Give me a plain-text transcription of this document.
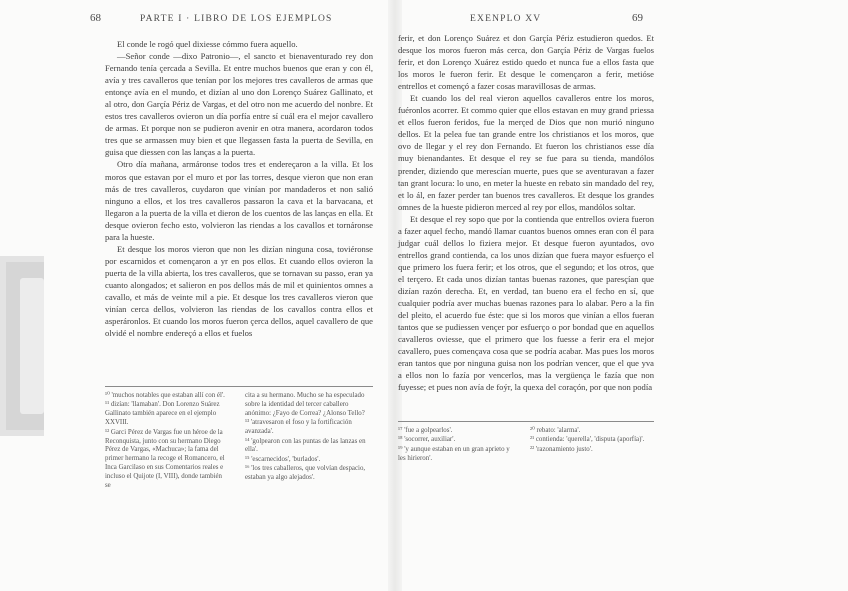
68	PARTE I · LIBRO DE LOS EJEMPLOS

El conde le rogó quel dixiesse cómmo fuera aquello.

—Señor conde —dixo Patronio—, el sancto et bienaventurado rey don Fernando tenía çercada a Sevilla. Et entre muchos buenos que eran y con él, avía y tres cavalleros que tenían por los mejores tres cavalleros de armas que entonçe avía en el mundo, et dizían al uno don Lorenço Suárez Gallinato, et al otro, don Garçía Périz de Vargas, et del otro non me acuerdo del nonbre. Et estos tres cavalleros ovieron un día porfía entre sí cuál era el mejor cavallero de armas. Et porque non se pudieron avenir en otra manera, acordaron todos tres que se armassen muy bien et que llegassen fasta la puerta de Sevilla, en guisa que diessen con las lanças a la puerta.

Otro día mañana, armáronse todos tres et endereçaron a la villa. Et los moros que estavan por el muro et por las torres, desque vieron que non eran más de tres cavalleros, cuydaron que vinían por mandaderos et non salió ninguno a ellos, et los tres cavalleros passaron la cava et la barvacana, et llegaron a la puerta de la villa et dieron de los cuentos de las lanças en ella. Et desque ovieron fecho esto, volvieron las riendas a los cavallos et tornáronse para la hueste.

Et desque los moros vieron que non les dizían ninguna cosa, toviéronse por escarnidos et començaron a yr en pos ellos. Et cuando ellos ovieron la puerta de la villa abierta, los tres cavalleros, que se tornavan su passo, eran ya cuanto alongados; et salieron en pos dellos más de mil et quinientos omnes a cavallo, et más de veinte mil a pie. Et desque los tres cavalleros vieron que vinían cerca dellos, volvieron las riendas de los cavallos contra ellos et asperáronlos. Et cuando los moros fueron çerca dellos, aquel cavallero de que olvidé el nombre endereçó a ellos et fuelos

¹⁰ 'muchos notables que estaban allí con él'.

¹¹ dizían: 'llamaban'. Don Lorenzo Suárez Gallinato también aparece en el ejemplo XXVIII.

¹² Garci Pérez de Vargas fue un héroe de la Reconquista, junto con su hermano Diego Pérez de Vargas, «Machuca»; la fama del primer hermano la recoge el Romancero, el Inca Garcilaso en sus Comentarios reales e incluso el Quijote (I, VIII), donde también se

cita a su hermano. Mucho se ha especulado sobre la identidad del tercer caballero anónimo: ¿Fayo de Correa? ¿Alonso Tello?

¹³ 'atravesaron el foso y la fortificación avanzada'.

¹⁴ 'golpearon con las puntas de las lanzas en ella'.

¹⁵ 'escarnecidos', 'burlados'.

¹⁶ 'los tres caballeros, que volvían despacio, estaban ya algo alejados'.

EXENPLO XV	69

ferir, et don Lorenço Suárez et don Garçía Périz estudieron quedos. Et desque los moros fueron más cerca, don Garçía Périz de Vargas fuelos ferir, et don Lorenço Xuárez estido quedo et nunca fue a ellos fasta que los moros le fueron ferir. Et desque le començaron a ferir, metióse entrellos et començó a fazer cosas maravillosas de armas.

Et cuando los del real vieron aquellos cavalleros entre los moros, fuéronlos acorrer. Et commo quier que ellos estavan en muy grand priessa et ellos fueron feridos, fue la merçed de Dios que non murió ninguno dellos. Et la pelea fue tan grande entre los christianos et los moros, que ovo de llegar y el rey don Fernando. Et fueron los christianos esse día muy bienandantes. Et desque el rey se fue para su tienda, mandólos prender, diziendo que merescían muerte, pues que se aventuravan a fazer tan grant locura: lo uno, en meter la hueste en rebato sin mandado del rey, et lo ál, en fazer perder tan buenos tres cavalleros. Et desque los grandes omnes de la hueste pidieron merced al rey por ellos, mandólos soltar.

Et desque el rey sopo que por la contienda que entrellos oviera fueron a fazer aquel fecho, mandó llamar cuantos buenos omnes eran con él para judgar cuál dellos lo fiziera mejor. Et desque fueron ayuntados, ovo entrellos grand contienda, ca los unos dizían que fuera mayor esfuerço el que primero los fuera ferir; et los otros, que el segundo; et los otros, que el terçero. Et cada unos dizían tantas buenas razones, que paresçían que dizían razón derecha. Et, en verdad, tan bueno era el fecho en sí, que cualquier podría aver muchas buenas razones para lo alabar. Pero a la fin del pleito, el acuerdo fue éste: que si los moros que vinían a ellos fueran tantos que se pudiessen vençer por esfuerço o por bondad que en aquellos cavalleros oviesse, que el primero que los fuesse a ferir era el mejor cavallero, pues començava cosa que se podría acabar. Mas pues los moros eran tantos que por ninguna guisa non los podrían vencer, que el que yva a ellos non lo fazía por vencerlos, mas la vergüença le fazía que non fuyesse; et pues non avía de foýr, la quexa del coraçón, por que non podía

¹⁷ 'fue a golpearlos'.

¹⁸ 'socorrer, auxiliar'.

¹⁹ 'y aunque estaban en un gran aprieto y les hirieron'.

²⁰ rebato: 'alarma'.

²¹ contienda: 'querella', 'disputa (aporfía)'.

²² 'razonamiento justo'.
